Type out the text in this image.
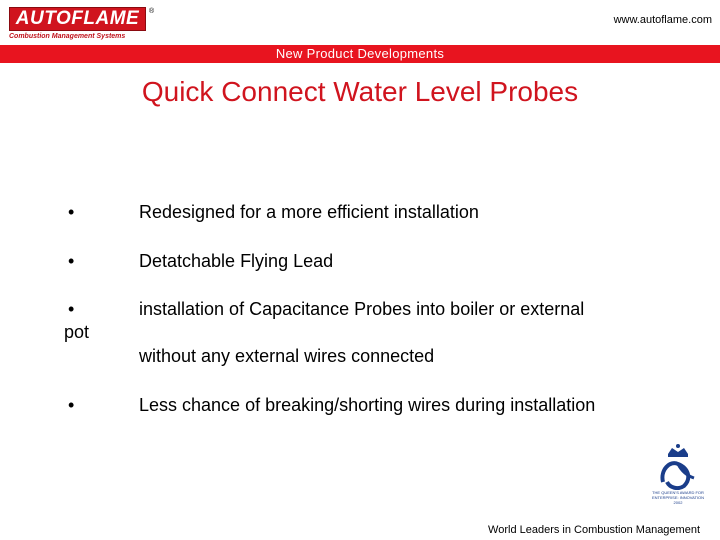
AUTOFLAME	®
Combustion Management Systems
www.autoflame.com
New Product Developments
Quick Connect Water Level Probes
•	Redesigned for a more efficient installation
•	Detatchable Flying Lead
•	installation of Capacitance Probes into boiler or external
pot
without any external wires connected
•	Less chance of breaking/shorting wires during installation
THE QUEEN'S AWARD FOR ENTERPRISE: INNOVATION 2002
World Leaders in Combustion Management
